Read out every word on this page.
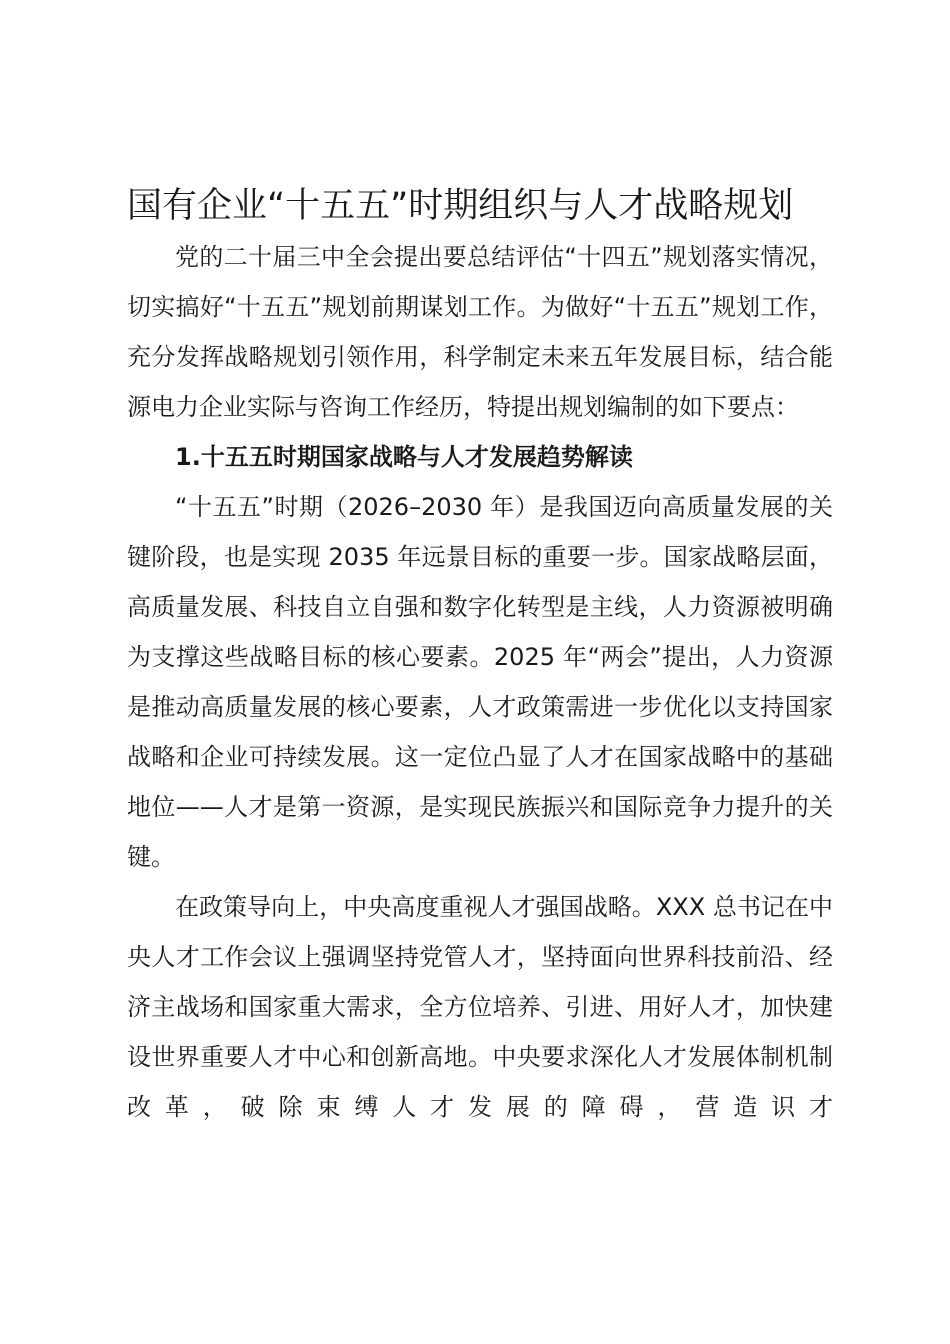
国有企业“十五五”时期组织与人才战略规划

党的二十届三中全会提出要总结评估“十四五”规划落实情况，切实搞好“十五五”规划前期谋划工作。为做好“十五五”规划工作，充分发挥战略规划引领作用，科学制定未来五年发展目标，结合能源电力企业实际与咨询工作经历，特提出规划编制的如下要点：

1.十五五时期国家战略与人才发展趋势解读

“十五五”时期（2026–2030 年）是我国迈向高质量发展的关键阶段，也是实现 2035 年远景目标的重要一步。国家战略层面，高质量发展、科技自立自强和数字化转型是主线，人力资源被明确为支撑这些战略目标的核心要素。2025 年“两会”提出，人力资源是推动高质量发展的核心要素，人才政策需进一步优化以支持国家战略和企业可持续发展。这一定位凸显了人才在国家战略中的基础地位——人才是第一资源，是实现民族振兴和国际竞争力提升的关键。

在政策导向上，中央高度重视人才强国战略。XXX 总书记在中央人才工作会议上强调坚持党管人才，坚持面向世界科技前沿、经济主战场和国家重大需求，全方位培养、引进、用好人才，加快建设世界重要人才中心和创新高地。中央要求深化人才发展体制机制改革，破除束缚人才发展的障碍，营造识才
